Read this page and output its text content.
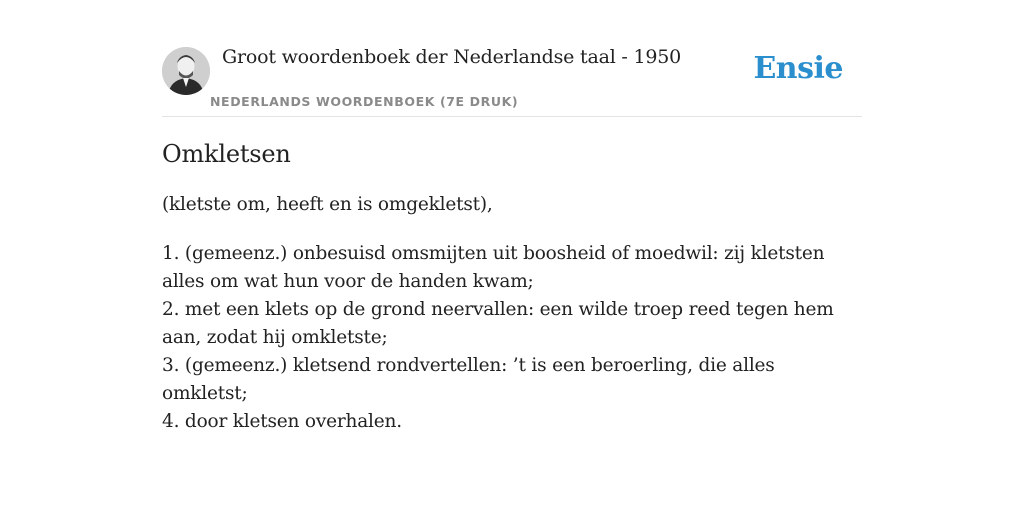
Groot woordenboek der Nederlandse taal - 1950
NEDERLANDS WOORDENBOEK (7E DRUK)
Ensie
Omkletsen

(kletste om, heeft en is omgekletst),

1. (gemeenz.) onbesuisd omsmijten uit boosheid of moedwil: zij kletsten alles om wat hun voor de handen kwam;
2. met een klets op de grond neervallen: een wilde troep reed tegen hem aan, zodat hij omkletste;
3. (gemeenz.) kletsend rondvertellen: ’t is een beroerling, die alles omkletst;
4. door kletsen overhalen.
